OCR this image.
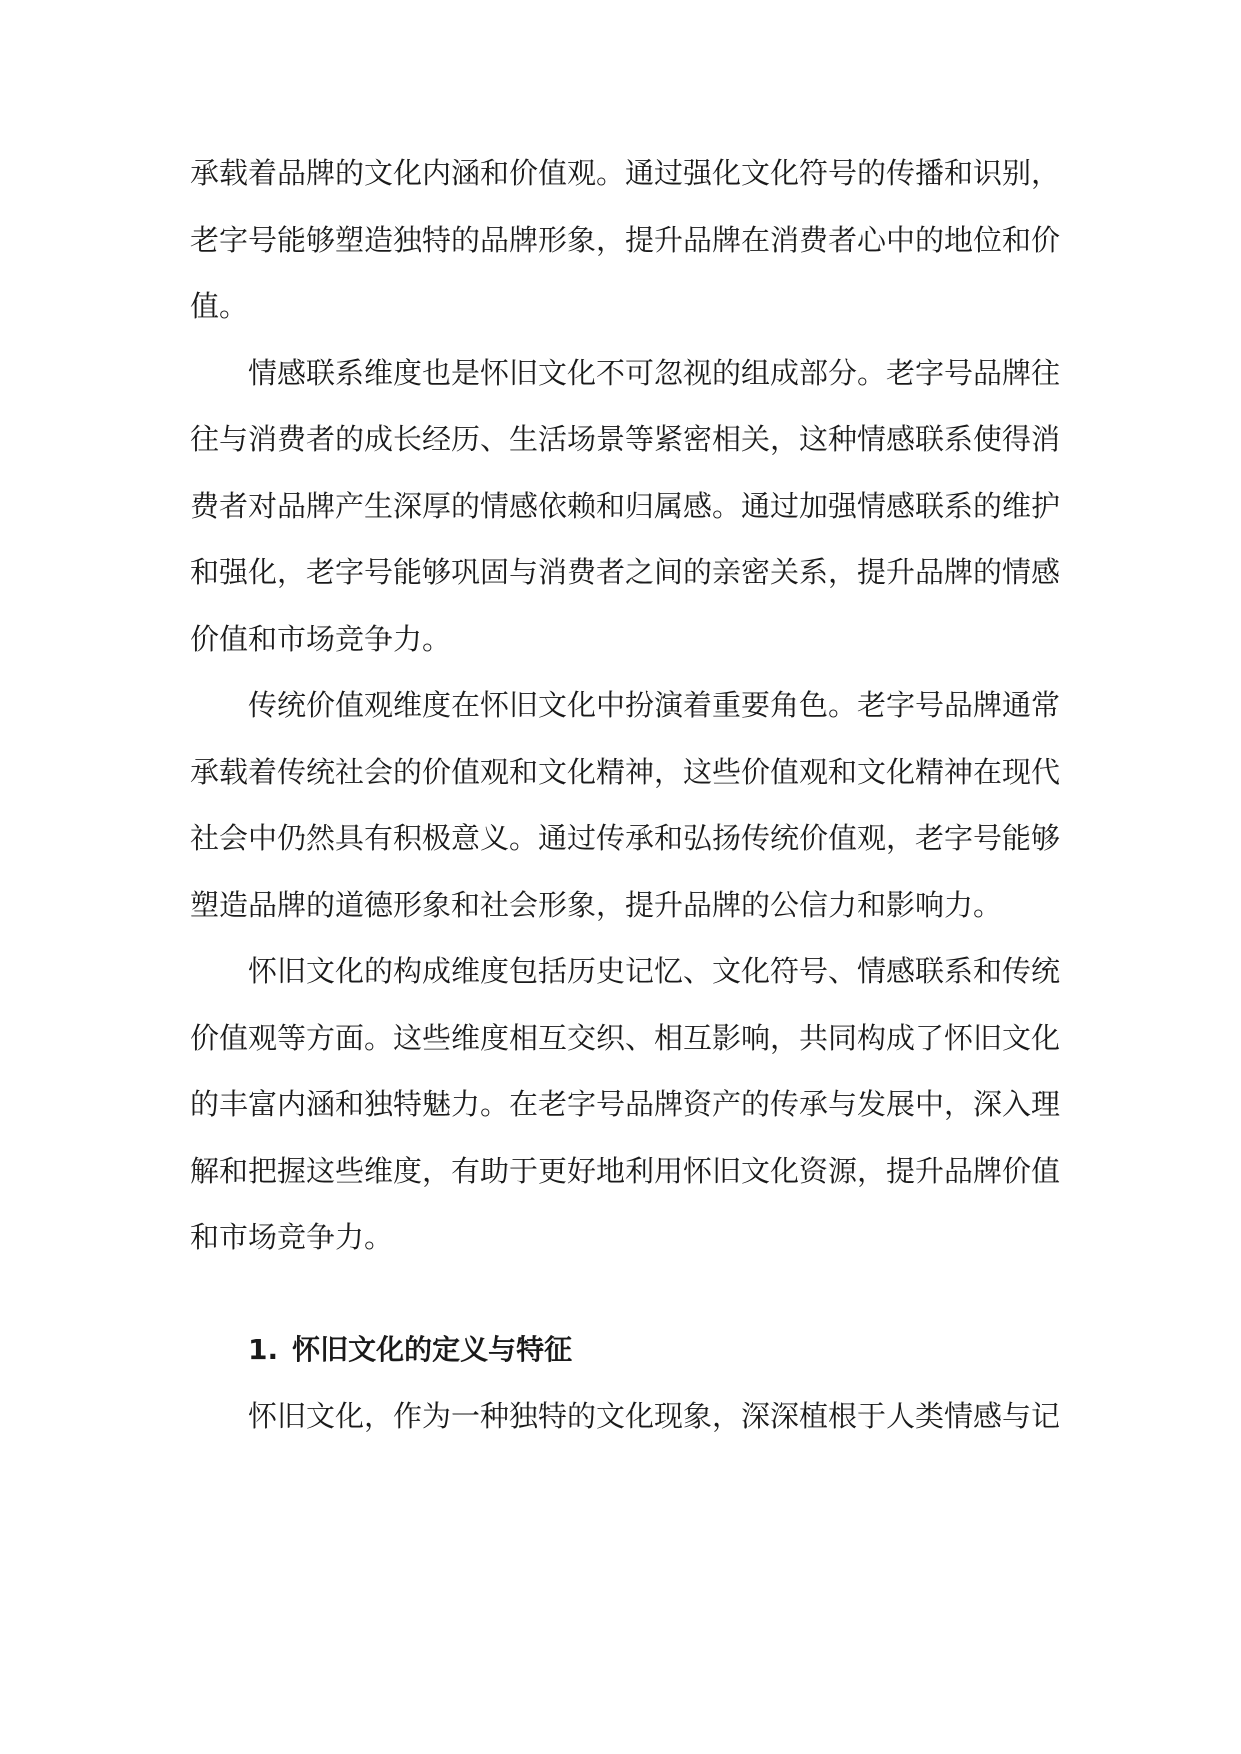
承载着品牌的文化内涵和价值观。通过强化文化符号的传播和识别，老字号能够塑造独特的品牌形象，提升品牌在消费者心中的地位和价值。

情感联系维度也是怀旧文化不可忽视的组成部分。老字号品牌往往与消费者的成长经历、生活场景等紧密相关，这种情感联系使得消费者对品牌产生深厚的情感依赖和归属感。通过加强情感联系的维护和强化，老字号能够巩固与消费者之间的亲密关系，提升品牌的情感价值和市场竞争力。

传统价值观维度在怀旧文化中扮演着重要角色。老字号品牌通常承载着传统社会的价值观和文化精神，这些价值观和文化精神在现代社会中仍然具有积极意义。通过传承和弘扬传统价值观，老字号能够塑造品牌的道德形象和社会形象，提升品牌的公信力和影响力。

怀旧文化的构成维度包括历史记忆、文化符号、情感联系和传统价值观等方面。这些维度相互交织、相互影响，共同构成了怀旧文化的丰富内涵和独特魅力。在老字号品牌资产的传承与发展中，深入理解和把握这些维度，有助于更好地利用怀旧文化资源，提升品牌价值和市场竞争力。

1. 怀旧文化的定义与特征

怀旧文化，作为一种独特的文化现象，深深植根于人类情感与记
